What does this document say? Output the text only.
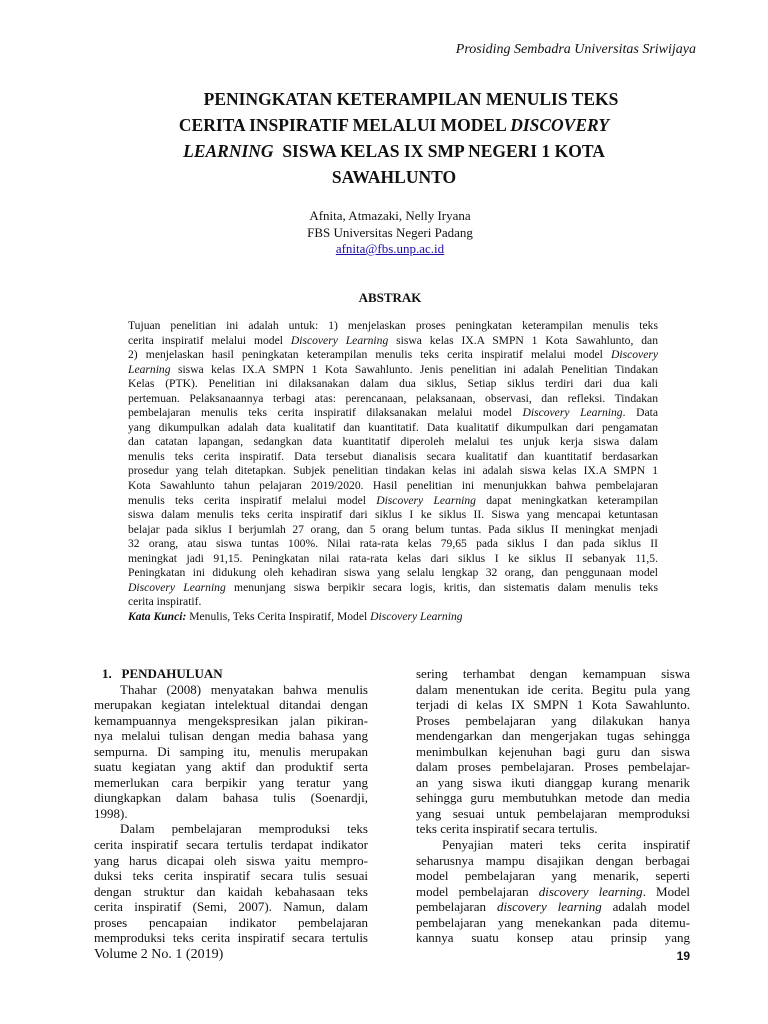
Prosiding Sembadra Universitas Sriwijaya
PENINGKATAN KETERAMPILAN MENULIS TEKS
CERITA INSPIRATIF MELALUI MODEL DISCOVERY
LEARNING  SISWA KELAS IX SMP NEGERI 1 KOTA
SAWAHLUNTO
Afnita, Atmazaki, Nelly Iryana
FBS Universitas Negeri Padang
afnita@fbs.unp.ac.id
ABSTRAK
Tujuan penelitian ini adalah untuk: 1) menjelaskan proses peningkatan keterampilan menulis teks
cerita inspiratif melalui model Discovery Learning siswa kelas IX.A SMPN 1 Kota Sawahlunto, dan
2) menjelaskan hasil peningkatan keterampilan menulis teks cerita inspiratif melalui model Discovery
Learning siswa kelas IX.A SMPN 1 Kota Sawahlunto. Jenis penelitian ini adalah Penelitian Tindakan
Kelas (PTK). Penelitian ini dilaksanakan dalam dua siklus, Setiap siklus terdiri dari dua kali
pertemuan. Pelaksanaannya terbagi atas: perencanaan, pelaksanaan, observasi, dan refleksi. Tindakan
pembelajaran menulis teks cerita inspiratif dilaksanakan melalui model Discovery Learning. Data
yang dikumpulkan adalah data kualitatif dan kuantitatif. Data kualitatif dikumpulkan dari pengamatan
dan catatan lapangan, sedangkan data kuantitatif diperoleh melalui tes unjuk kerja siswa dalam
menulis teks cerita inspiratif. Data tersebut dianalisis secara kualitatif dan kuantitatif berdasarkan
prosedur yang telah ditetapkan. Subjek penelitian tindakan kelas ini adalah siswa kelas IX.A SMPN 1
Kota Sawahlunto tahun pelajaran 2019/2020. Hasil penelitian ini menunjukkan bahwa pembelajaran
menulis teks cerita inspiratif melalui model Discovery Learning dapat meningkatkan keterampilan
siswa dalam menulis teks cerita inspiratif dari siklus I ke siklus II. Siswa yang mencapai ketuntasan
belajar pada siklus I berjumlah 27 orang, dan 5 orang belum tuntas. Pada siklus II meningkat menjadi
32 orang, atau siswa tuntas 100%. Nilai rata-rata kelas 79,65 pada siklus I dan pada siklus II
meningkat jadi 91,15. Peningkatan nilai rata-rata kelas dari siklus I ke siklus II sebanyak 11,5.
Peningkatan ini didukung oleh kehadiran siswa yang selalu lengkap 32 orang, dan penggunaan model
Discovery Learning menunjang siswa berpikir secara logis, kritis, dan sistematis dalam menulis teks
cerita inspiratif.
Kata Kunci: Menulis, Teks Cerita Inspiratif, Model Discovery Learning
1.   PENDAHULUAN
Thahar (2008) menyatakan bahwa menulis
merupakan kegiatan intelektual ditandai dengan
kemampuannya mengekspresikan jalan pikiran-
nya melalui tulisan dengan media bahasa yang
sempurna. Di samping itu, menulis merupakan
suatu kegiatan yang aktif dan produktif serta
memerlukan cara berpikir yang teratur yang
diungkapkan dalam bahasa tulis (Soenardji,
1998).
Dalam pembelajaran memproduksi teks
cerita inspiratif secara tertulis terdapat indikator
yang harus dicapai oleh siswa yaitu mempro-
duksi teks cerita inspiratif secara tulis sesuai
dengan struktur dan kaidah kebahasaan teks
cerita inspiratif (Semi, 2007). Namun, dalam
proses pencapaian indikator pembelajaran
memproduksi teks cerita inspiratif secara tertulis
sering terhambat dengan kemampuan siswa
dalam menentukan ide cerita. Begitu pula yang
terjadi di kelas IX SMPN 1 Kota Sawahlunto.
Proses pembelajaran yang dilakukan hanya
mendengarkan dan mengerjakan tugas sehingga
menimbulkan kejenuhan bagi guru dan siswa
dalam proses pembelajaran. Proses pembelajar-
an yang siswa ikuti dianggap kurang menarik
sehingga guru membutuhkan metode dan media
yang sesuai untuk pembelajaran memproduksi
teks cerita inspiratif secara tertulis.
Penyajian materi teks cerita inspiratif
seharusnya mampu disajikan dengan berbagai
model pembelajaran yang menarik, seperti
model pembelajaran discovery learning. Model
pembelajaran discovery learning adalah model
pembelajaran yang menekankan pada ditemu-
kannya suatu konsep atau prinsip yang
Volume 2 No. 1 (2019)	19
